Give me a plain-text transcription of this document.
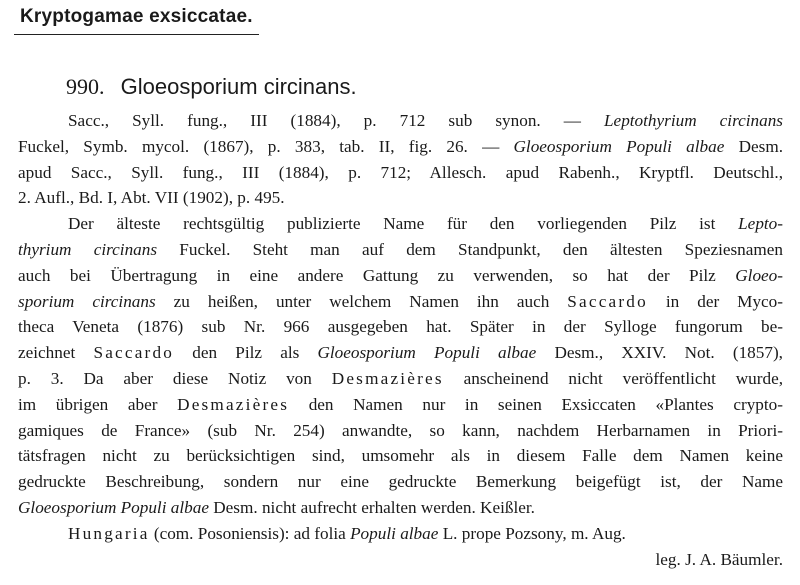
Kryptogamae exsiccatae.
990. Gloeosporium circinans.
Sacc., Syll. fung., III (1884), p. 712 sub synon. — Leptothyrium circinans
Fuckel, Symb. mycol. (1867), p. 383, tab. II, fig. 26. — Gloeosporium Populi albae Desm.
apud Sacc., Syll. fung., III (1884), p. 712; Allesch. apud Rabenh., Kryptfl. Deutschl.,
2. Aufl., Bd. I, Abt. VII (1902), p. 495.
Der älteste rechtsgültig publizierte Name für den vorliegenden Pilz ist Lepto-
thyrium circinans Fuckel. Steht man auf dem Standpunkt, den ältesten Speziesnamen
auch bei Übertragung in eine andere Gattung zu verwenden, so hat der Pilz Gloeo-
sporium circinans zu heißen, unter welchem Namen ihn auch Saccardo in der Myco-
theca Veneta (1876) sub Nr. 966 ausgegeben hat. Später in der Sylloge fungorum be-
zeichnet Saccardo den Pilz als Gloeosporium Populi albae Desm., XXIV. Not. (1857),
p. 3. Da aber diese Notiz von Desmazières anscheinend nicht veröffentlicht wurde,
im übrigen aber Desmazières den Namen nur in seinen Exsiccaten «Plantes crypto-
gamiques de France» (sub Nr. 254) anwandte, so kann, nachdem Herbarnamen in Priori-
tätsfragen nicht zu berücksichtigen sind, umsomehr als in diesem Falle dem Namen keine
gedruckte Beschreibung, sondern nur eine gedruckte Bemerkung beigefügt ist, der Name
Gloeosporium Populi albae Desm. nicht aufrecht erhalten werden. Keißler.
Hungaria (com. Posoniensis): ad folia Populi albae L. prope Pozsony, m. Aug.
leg. J. A. Bäumler.
